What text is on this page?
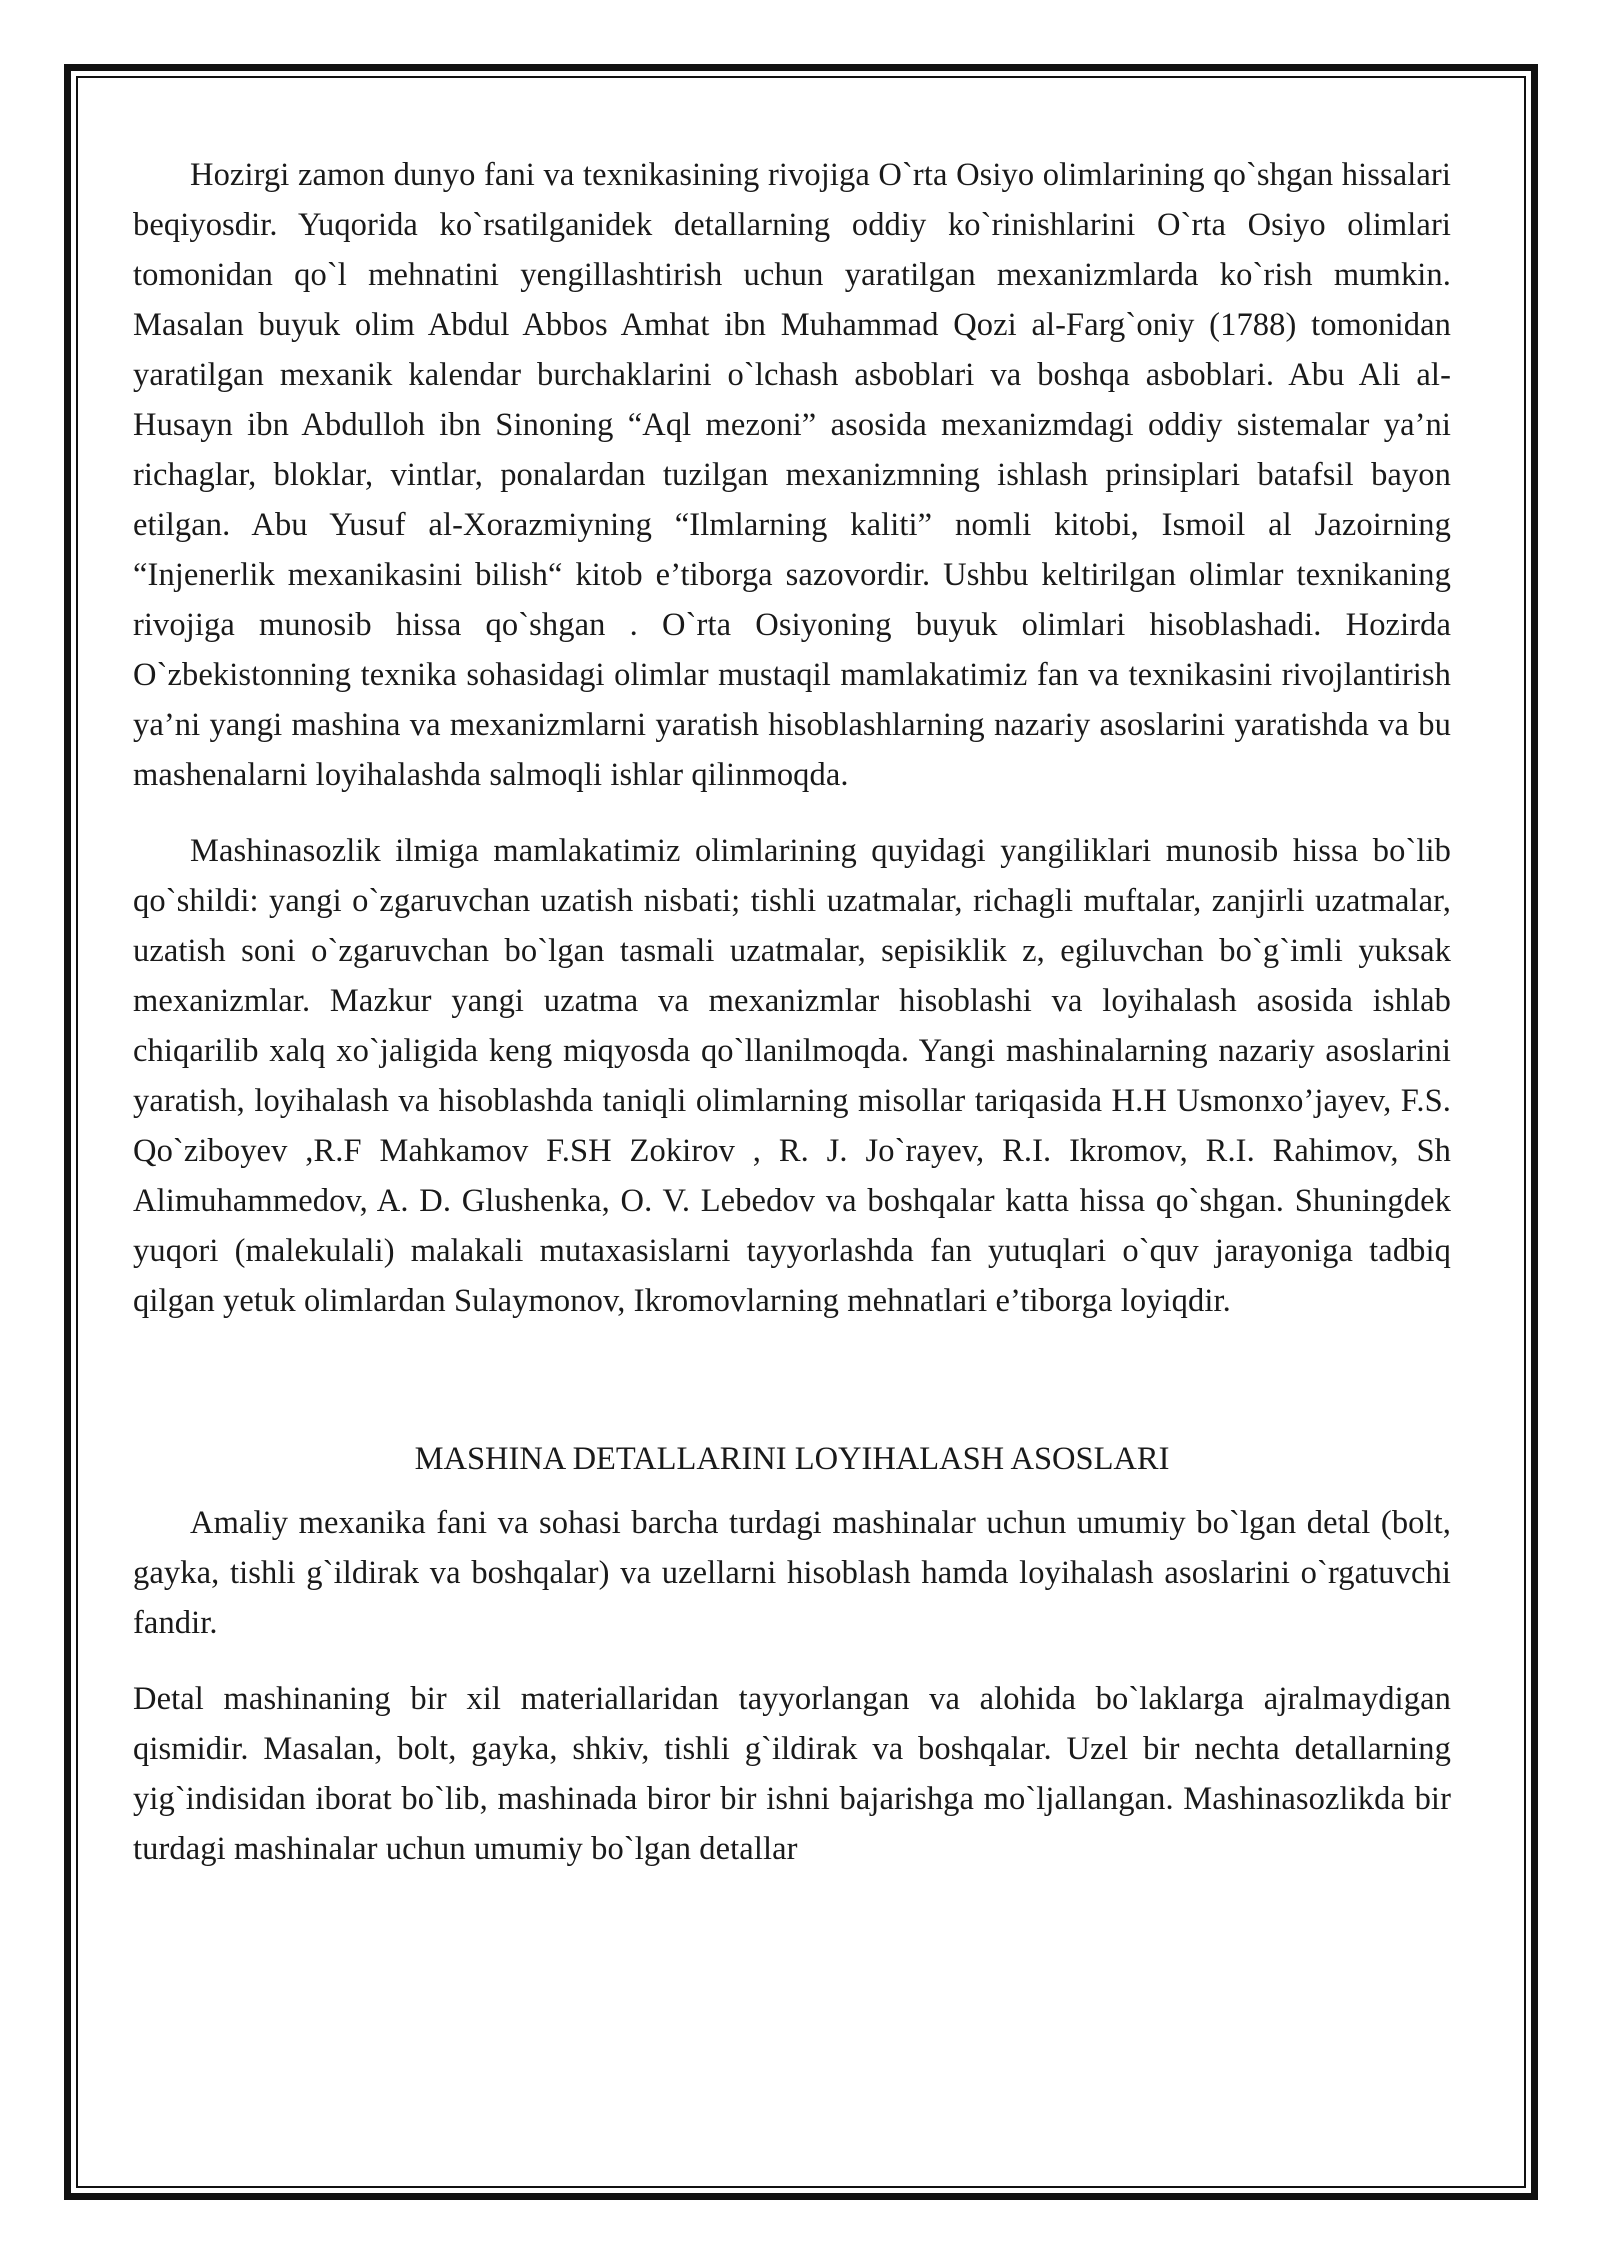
Hozirgi zamon dunyo fani va texnikasining rivojiga O`rta Osiyo olimlarining qo`shgan hissalari beqiyosdir. Yuqorida ko`rsatilganidek detallarning oddiy ko`rinishlarini O`rta Osiyo olimlari tomonidan qo`l mehnatini yengillashtirish uchun yaratilgan mexanizmlarda ko`rish mumkin. Masalan buyuk olim Abdul Abbos Amhat ibn Muhammad Qozi al-Farg`oniy (1788) tomonidan yaratilgan mexanik kalendar burchaklarini o`lchash asboblari va boshqa asboblari. Abu Ali al-Husayn ibn Abdulloh ibn Sinoning “Aql mezoni” asosida mexanizmdagi oddiy sistemalar ya’ni richaglar, bloklar, vintlar, ponalardan tuzilgan mexanizmning ishlash prinsiplari batafsil bayon etilgan. Abu Yusuf al-Xorazmiyning “Ilmlarning kaliti” nomli kitobi, Ismoil al Jazoirning “Injenerlik mexanikasini bilish“ kitob e’tiborga sazovordir. Ushbu keltirilgan olimlar texnikaning rivojiga munosib hissa qo`shgan . O`rta Osiyoning buyuk olimlari hisoblashadi. Hozirda O`zbekistonning texnika sohasidagi olimlar mustaqil mamlakatimiz fan va texnikasini rivojlantirish ya’ni yangi mashina va mexanizmlarni yaratish hisoblashlarning nazariy asoslarini yaratishda va bu mashenalarni loyihalashda salmoqli ishlar qilinmoqda.

Mashinasozlik ilmiga mamlakatimiz olimlarining quyidagi yangiliklari munosib hissa bo`lib qo`shildi: yangi o`zgaruvchan uzatish nisbati; tishli uzatmalar, richagli muftalar, zanjirli uzatmalar, uzatish soni o`zgaruvchan bo`lgan tasmali uzatmalar, sepisiklik z, egiluvchan bo`g`imli yuksak mexanizmlar. Mazkur yangi uzatma va mexanizmlar hisoblashi va loyihalash asosida ishlab chiqarilib xalq xo`jaligida keng miqyosda qo`llanilmoqda. Yangi mashinalarning nazariy asoslarini yaratish, loyihalash va hisoblashda taniqli olimlarning misollar tariqasida H.H Usmonxo’jayev, F.S. Qo`ziboyev ,R.F Mahkamov F.SH Zokirov , R. J. Jo`rayev, R.I. Ikromov, R.I. Rahimov, Sh Alimuhammedov, A. D. Glushenka, O. V. Lebedov va boshqalar katta hissa qo`shgan. Shuningdek yuqori (malekulali) malakali mutaxasislarni tayyorlashda fan yutuqlari o`quv jarayoniga tadbiq qilgan yetuk olimlardan Sulaymonov, Ikromovlarning mehnatlari e’tiborga loyiqdir.

MASHINA DETALLARINI LOYIHALASH ASOSLARI

Amaliy mexanika fani va sohasi barcha turdagi mashinalar uchun umumiy bo`lgan detal (bolt, gayka, tishli g`ildirak va boshqalar) va uzellarni hisoblash hamda loyihalash asoslarini o`rgatuvchi fandir.

Detal mashinaning bir xil materiallaridan tayyorlangan va alohida bo`laklarga ajralmaydigan qismidir. Masalan, bolt, gayka, shkiv, tishli g`ildirak va boshqalar. Uzel bir nechta detallarning yig`indisidan iborat bo`lib, mashinada biror bir ishni bajarishga mo`ljallangan. Mashinasozlikda bir turdagi mashinalar uchun umumiy bo`lgan detallar
